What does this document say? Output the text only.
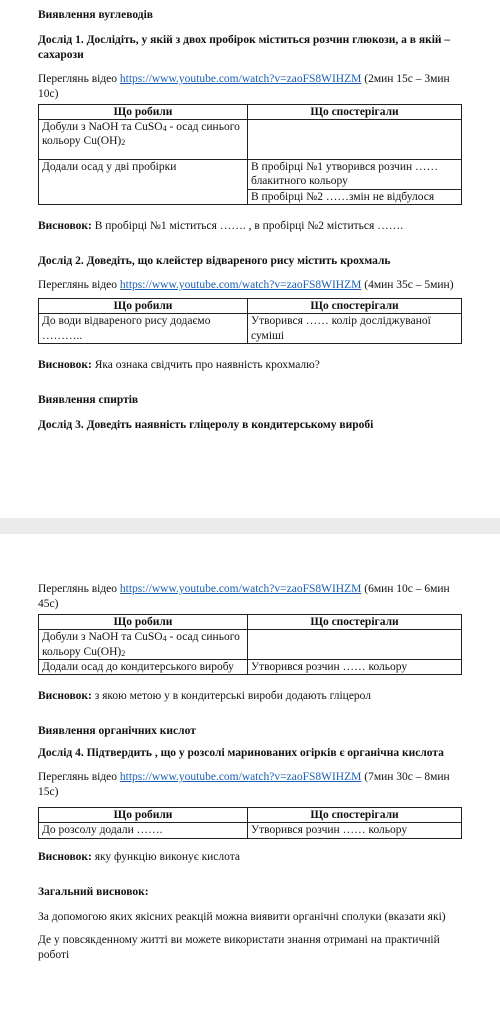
Виявлення вуглеводів

Дослід 1. Дослідіть, у якій з двох пробірок міститься розчин глюкози, а в якій – сахарози

Переглянь відео https://www.youtube.com/watch?v=zaoFS8WIHZM (2мин 15с – 3мин 10с)

Що робили	Що спостерігали
Добули з NaOH та CuSO$_4$ - осад синього кольору $Cu(OH)_2$	
Додали осад у дві пробірки	В пробірці №1 утворився розчин ……блакитного кольору
	В пробірці №2 ……змін не відбулося

Висновок: В пробірці №1 міститься ……. , в пробірці №2 міститься …….

Дослід 2. Доведіть, що клейстер відвареного рису містить крохмаль

Переглянь відео https://www.youtube.com/watch?v=zaoFS8WIHZM (4мин 35с – 5мин)

Що робили	Що спостерігали
До води відвареного рису додаємо ………..	Утворився …… колір досліджуваної суміші

Висновок: Яка ознака свідчить про наявність крохмалю?

Виявлення спиртів

Дослід 3. Доведіть наявність гліцеролу в кондитерському виробі

Переглянь відео https://www.youtube.com/watch?v=zaoFS8WIHZM (6мин 10с – 6мин 45с)

Що робили	Що спостерігали
Добули з NaOH та CuSO$_4$ - осад синього кольору $Cu(OH)_2$	
Додали осад до кондитерського виробу	Утворився розчин …… кольору

Висновок: з якою метою у в кондитерські вироби додають гліцерол

Виявлення органічних кислот

Дослід 4. Підтвердить , що у розсолі маринованих огірків є органічна кислота

Переглянь відео https://www.youtube.com/watch?v=zaoFS8WIHZM (7мин 30с – 8мин 15с)

Що робили	Що спостерігали
До розсолу додали …….	Утворився розчин …… кольору

Висновок: яку функцію виконує кислота

Загальний висновок:

За допомогою яких якісних реакцій можна виявити органічні сполуки (вказати які)

Де у повсякденному житті ви можете використати знання отримані на практичній роботі
